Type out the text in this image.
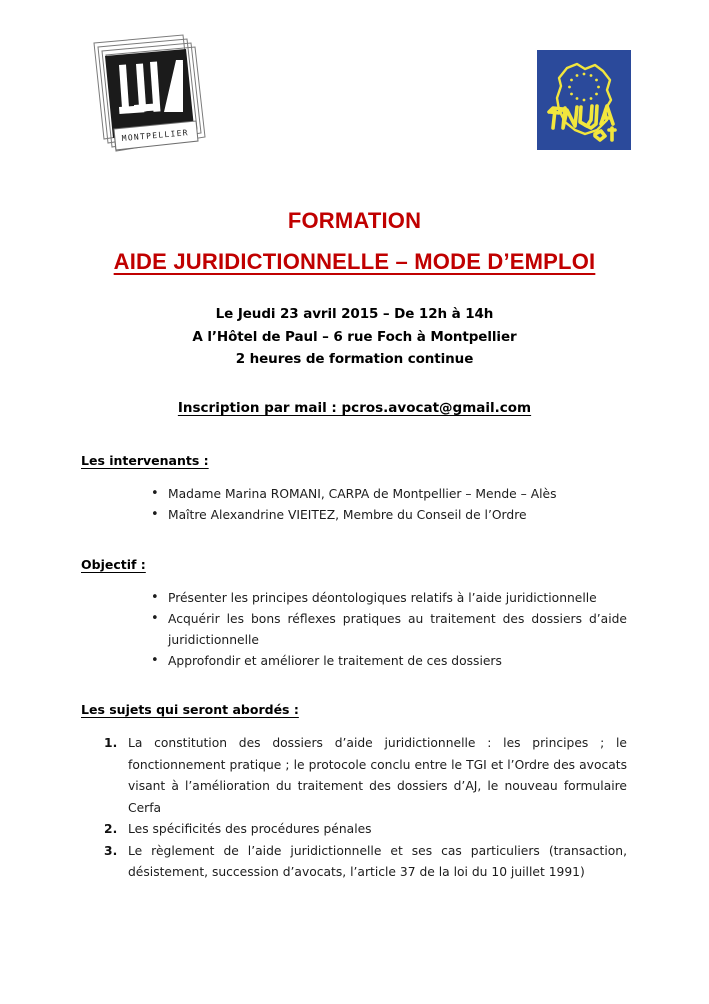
MONTPELLIER
FORMATION
AIDE JURIDICTIONNELLE – MODE D’EMPLOI
Le Jeudi 23 avril 2015 – De 12h à 14h
A l’Hôtel de Paul – 6 rue Foch à Montpellier
2 heures de formation continue
Inscription par mail : pcros.avocat@gmail.com
Les intervenants :
• Madame Marina ROMANI, CARPA de Montpellier – Mende – Alès
• Maître Alexandrine VIEITEZ, Membre du Conseil de l’Ordre
Objectif :
• Présenter les principes déontologiques relatifs à l’aide juridictionnelle
• Acquérir les bons réflexes pratiques au traitement des dossiers d’aide juridictionnelle
• Approfondir et améliorer le traitement de ces dossiers
Les sujets qui seront abordés :
La constitution des dossiers d’aide juridictionnelle : les principes ; le fonctionnement pratique ; le protocole conclu entre le TGI et l’Ordre des avocats visant à l’amélioration du traitement des dossiers d’AJ, le nouveau formulaire Cerfa
Les spécificités des procédures pénales
Le règlement de l’aide juridictionnelle et ses cas particuliers (transaction, désistement, succession d’avocats, l’article 37 de la loi du 10 juillet 1991)
